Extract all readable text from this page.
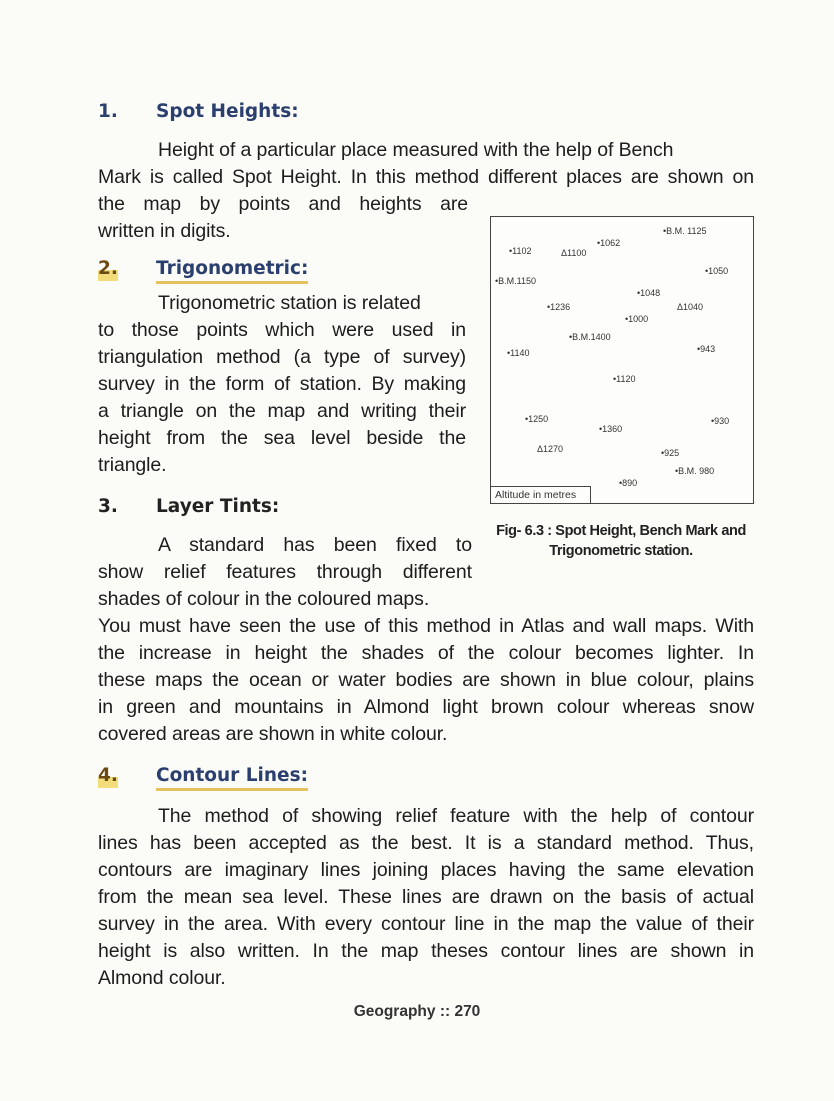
1. Spot Heights:

Height of a particular place measured with the help of Bench

Mark is called Spot Height. In this method different places are shown on

the map by points and heights are

written in digits.

2. Trigonometric:

Trigonometric station is related

to those points which were used in

triangulation method (a type of survey)

survey in the form of station. By making

a triangle on the map and writing their

height from the sea level beside the

triangle.

3. Layer Tints:

A standard has been fixed to

show relief features through different

shades of colour in the coloured maps.

You must have seen the use of this method in Atlas and wall maps. With

the increase in height the shades of the colour becomes lighter. In

these maps the ocean or water bodies are shown in blue colour, plains

in green and mountains in Almond light brown colour whereas snow

covered areas are shown in white colour.

4. Contour Lines:

The method of showing relief feature with the help of contour

lines has been accepted as the best. It is a standard method. Thus,

contours are imaginary lines joining places having the same elevation

from the mean sea level. These lines are drawn on the basis of actual

survey in the area. With every contour line in the map the value of their

height is also written. In the map theses contour lines are shown in

Almond colour.

•B.M. 1125
•1062
•1102	Δ1100
•1050
•B.M.1150
•1048
•1236	Δ1040
•1000
•B.M.1400
•1140	•943
•1120
•1250
•1360
•930
Δ1270	•925
•B.M. 980
•890
Altitude in metres
Fig- 6.3 : Spot Height, Bench Mark and
Trigonometric station.
Geography :: 270
